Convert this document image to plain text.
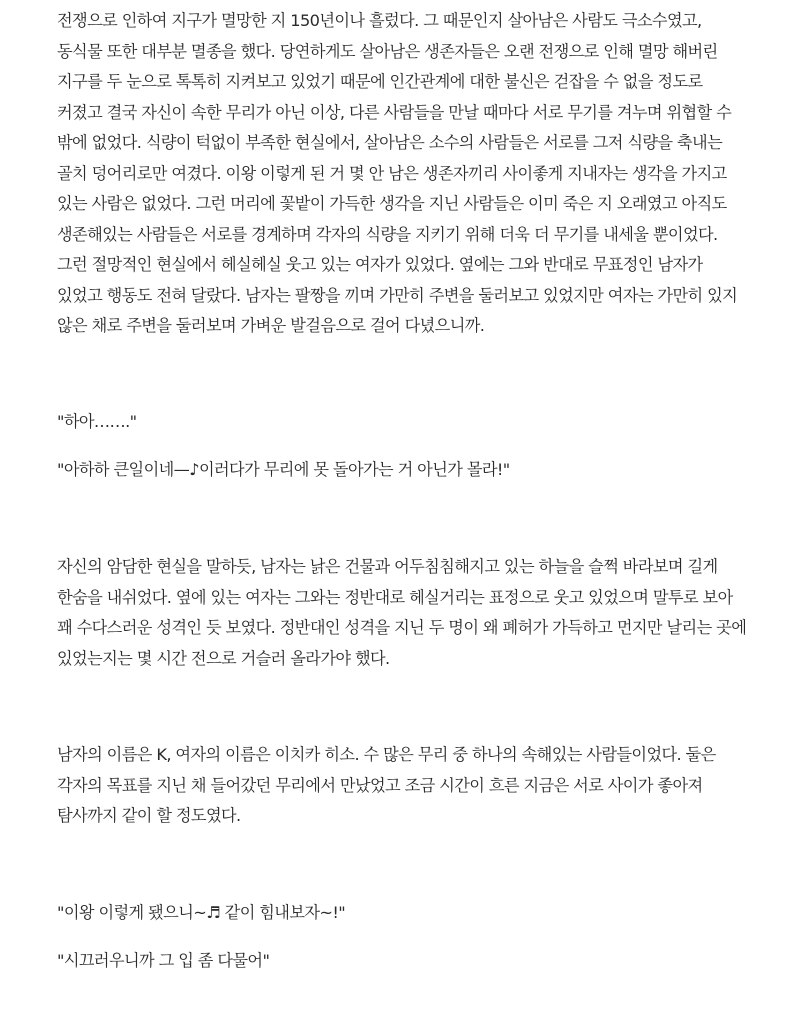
전쟁으로 인하여 지구가 멸망한 지 150년이나 흘렀다. 그 때문인지 살아남은 사람도 극소수였고, 동식물 또한 대부분 멸종을 했다. 당연하게도 살아남은 생존자들은 오랜 전쟁으로 인해 멸망 해버린 지구를 두 눈으로 톡톡히 지켜보고 있었기 때문에 인간관계에 대한 불신은 걷잡을 수 없을 정도로 커졌고 결국 자신이 속한 무리가 아닌 이상, 다른 사람들을 만날 때마다 서로 무기를 겨누며 위협할 수 밖에 없었다. 식량이 턱없이 부족한 현실에서, 살아남은 소수의 사람들은 서로를 그저 식량을 축내는 골치 덩어리로만 여겼다. 이왕 이렇게 된 거 몇 안 남은 생존자끼리 사이좋게 지내자는 생각을 가지고 있는 사람은 없었다. 그런 머리에 꽃밭이 가득한 생각을 지닌 사람들은 이미 죽은 지 오래였고 아직도 생존해있는 사람들은 서로를 경계하며 각자의 식량을 지키기 위해 더욱 더 무기를 내세울 뿐이었다. 그런 절망적인 현실에서 헤실헤실 웃고 있는 여자가 있었다. 옆에는 그와 반대로 무표정인 남자가 있었고 행동도 전혀 달랐다. 남자는 팔짱을 끼며 가만히 주변을 둘러보고 있었지만 여자는 가만히 있지 않은 채로 주변을 둘러보며 가벼운 발걸음으로 걸어 다녔으니까.

"하아……."

"아하하 큰일이네—♪이러다가 무리에 못 돌아가는 거 아닌가 몰라!"

자신의 암담한 현실을 말하듯, 남자는 낡은 건물과 어두침침해지고 있는 하늘을 슬쩍 바라보며 길게 한숨을 내쉬었다. 옆에 있는 여자는 그와는 정반대로 헤실거리는 표정으로 웃고 있었으며 말투로 보아 꽤 수다스러운 성격인 듯 보였다. 정반대인 성격을 지닌 두 명이 왜 폐허가 가득하고 먼지만 날리는 곳에 있었는지는 몇 시간 전으로 거슬러 올라가야 했다.

남자의 이름은 K, 여자의 이름은 이치카 히소. 수 많은 무리 중 하나의 속해있는 사람들이었다. 둘은 각자의 목표를 지닌 채 들어갔던 무리에서 만났었고 조금 시간이 흐른 지금은 서로 사이가 좋아져 탐사까지 같이 할 정도였다.

"이왕 이렇게 됐으니~♬ 같이 힘내보자~!"

"시끄러우니까 그 입 좀 다물어"
